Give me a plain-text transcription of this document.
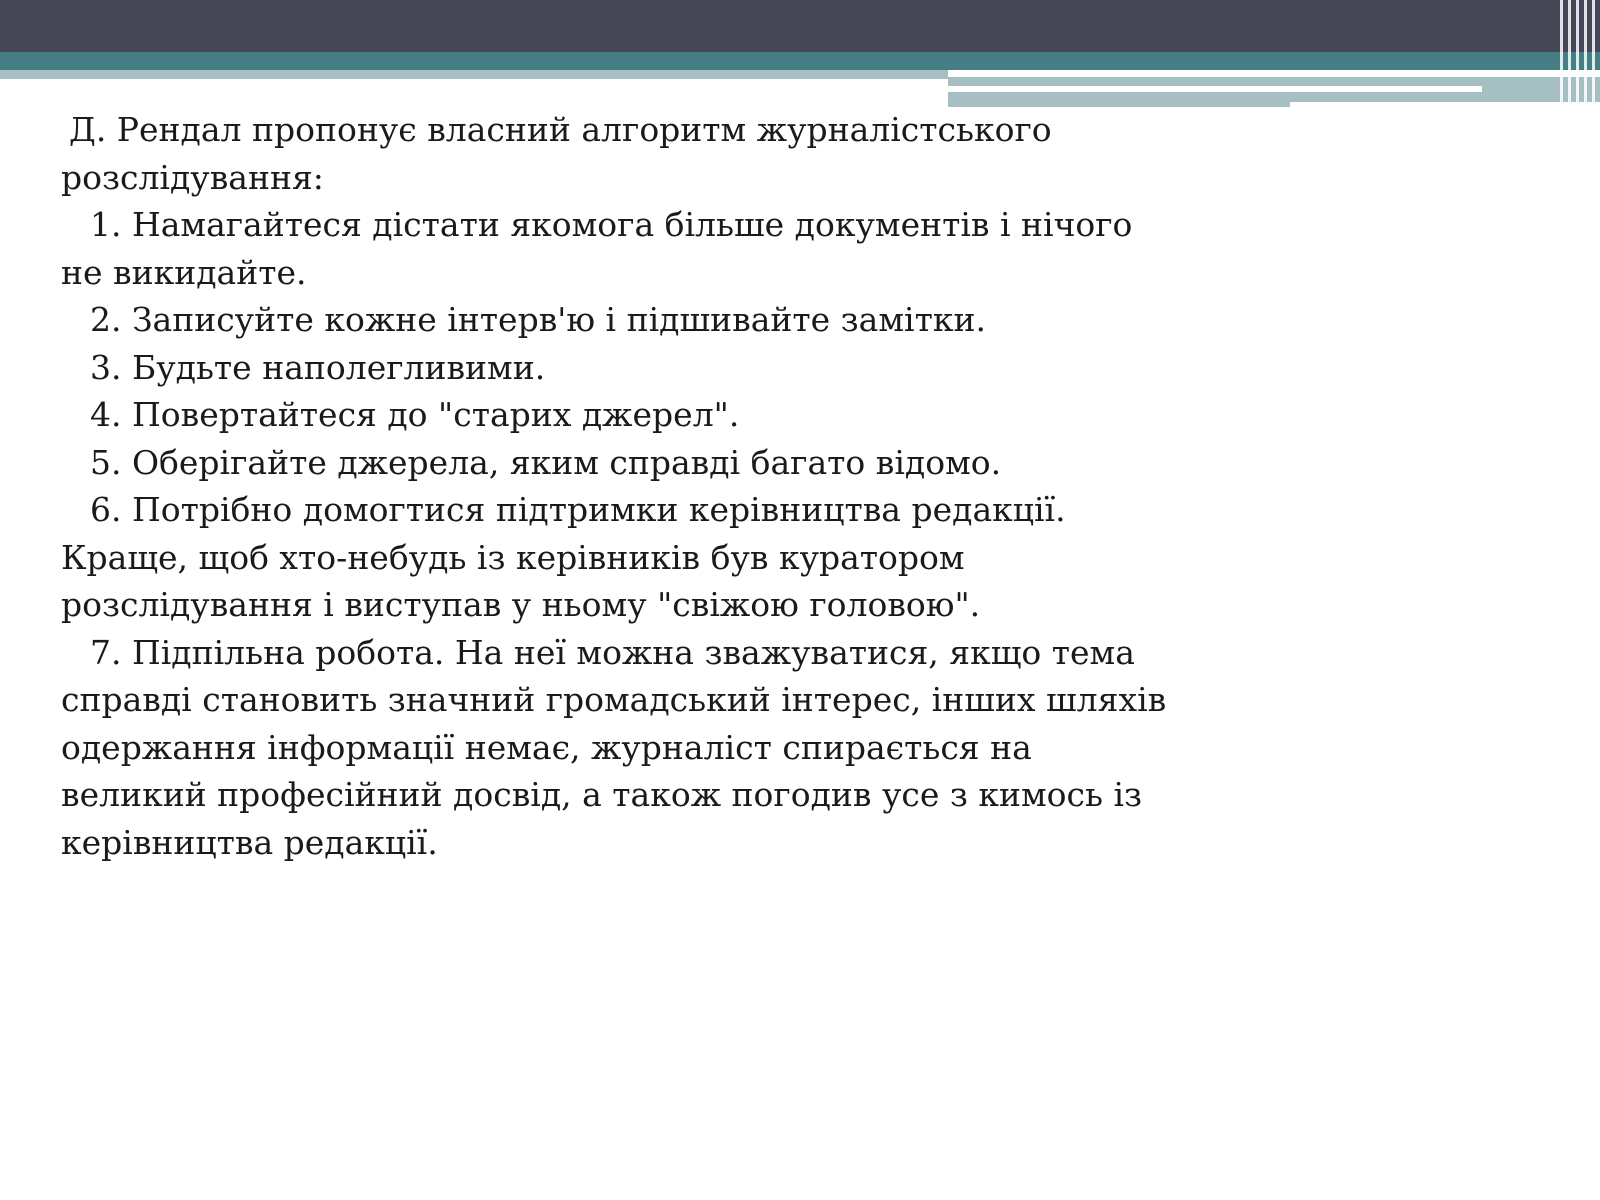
Д. Рендал пропонує власний алгоритм журналістського розслідування:

1. Намагайтеся дістати якомога більше документів і нічого не викидайте.

2. Записуйте кожне інтерв'ю і підшивайте замітки.

3. Будьте наполегливими.

4. Повертайтеся до "старих джерел".

5. Оберігайте джерела, яким справді багато відомо.

6. Потрібно домогтися підтримки керівництва редакції. Краще, щоб хто-небудь із керівників був куратором розслідування і виступав у ньому "свіжою головою".

7. Підпільна робота. На неї можна зважуватися, якщо тема справді становить значний громадський інтерес, інших шляхів одержання інформації немає, журналіст спирається на великий професійний досвід, а також погодив усе з кимось із керівництва редакції.
